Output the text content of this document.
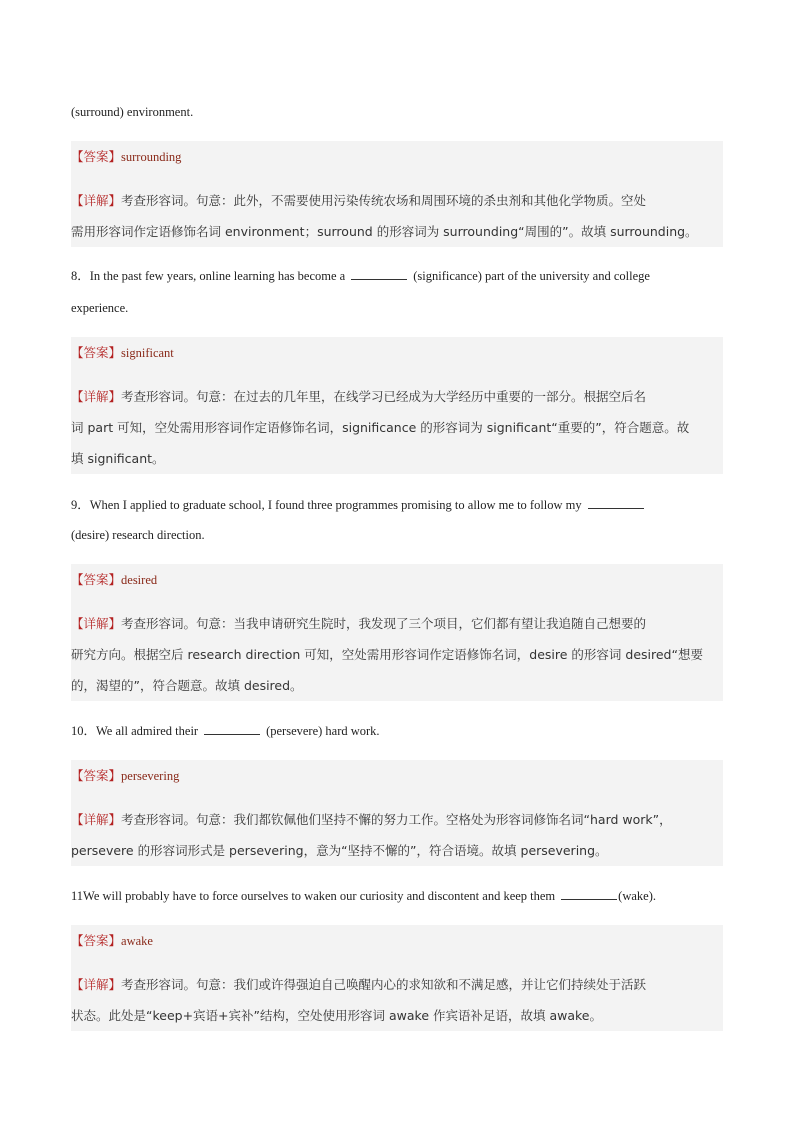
(surround) environment.
【答案】surrounding
【详解】考查形容词。句意：此外，不需要使用污染传统农场和周围环境的杀虫剂和其他化学物质。空处
需用形容词作定语修饰名词 environment；surround 的形容词为 surrounding“周围的”。故填 surrounding。
8．In the past few years, online learning has become a	(significance) part of the university and college
experience.
【答案】significant
【详解】考查形容词。句意：在过去的几年里，在线学习已经成为大学经历中重要的一部分。根据空后名
词 part 可知，空处需用形容词作定语修饰名词，significance 的形容词为 significant“重要的”，符合题意。故
填 significant。
9．When I applied to graduate school, I found three programmes promising to allow me to follow my
(desire) research direction.
【答案】desired
【详解】考查形容词。句意：当我申请研究生院时，我发现了三个项目，它们都有望让我追随自己想要的
研究方向。根据空后 research direction 可知，空处需用形容词作定语修饰名词，desire 的形容词 desired“想要
的，渴望的”，符合题意。故填 desired。
10．We all admired their	(persevere) hard work.
【答案】persevering
【详解】考查形容词。句意：我们都钦佩他们坚持不懈的努力工作。空格处为形容词修饰名词“hard work”，
persevere 的形容词形式是 persevering，意为“坚持不懈的”，符合语境。故填 persevering。
11We will probably have to force ourselves to waken our curiosity and discontent and keep them	(wake).
【答案】awake
【详解】考查形容词。句意：我们或许得强迫自己唤醒内心的求知欲和不满足感，并让它们持续处于活跃
状态。此处是“keep+宾语+宾补”结构，空处使用形容词 awake 作宾语补足语，故填 awake。
